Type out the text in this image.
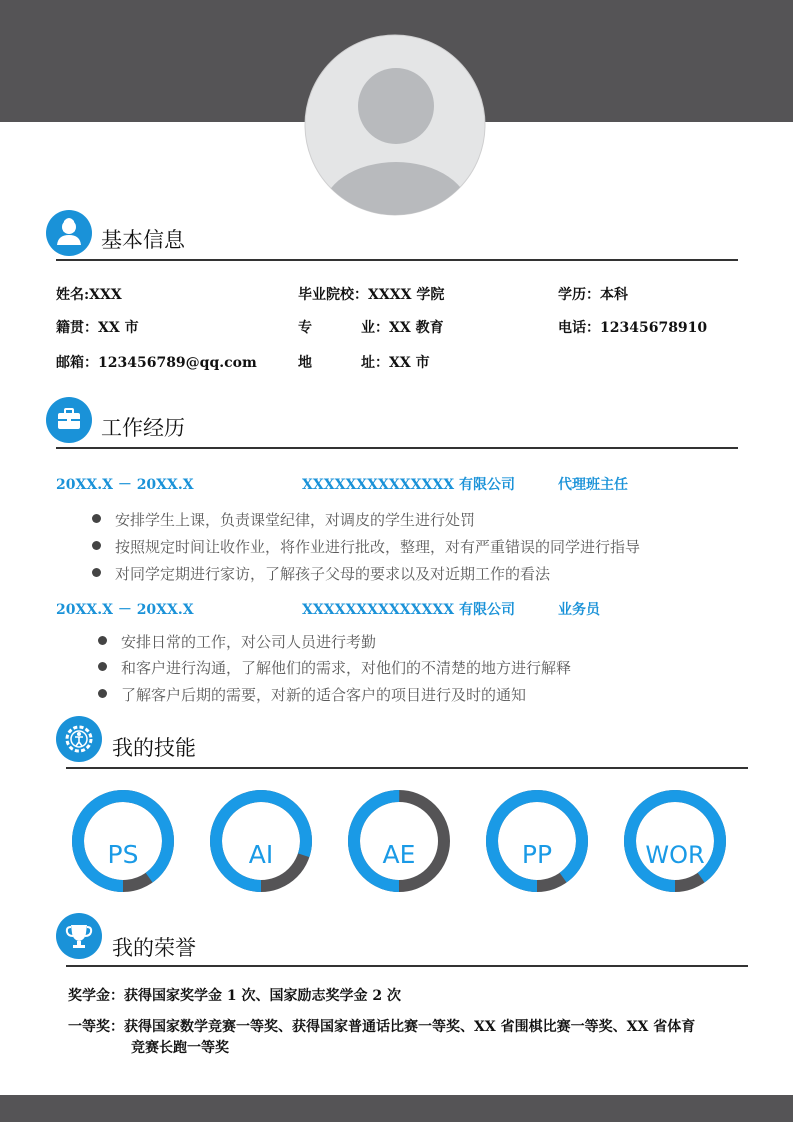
基本信息
姓名:XXX	毕业院校：XXXX 学院	学历：本科
籍贯：XX 市	专	业：XX 教育	电话：12345678910
邮箱：123456789@qq.com	地	址：XX 市
工作经历
20XX.X － 20XX.X	XXXXXXXXXXXXXX 有限公司	代理班主任
安排学生上课，负责课堂纪律，对调皮的学生进行处罚
按照规定时间让收作业，将作业进行批改，整理，对有严重错误的同学进行指导
对同学定期进行家访，了解孩子父母的要求以及对近期工作的看法
20XX.X － 20XX.X	XXXXXXXXXXXXXX 有限公司	业务员
安排日常的工作，对公司人员进行考勤
和客户进行沟通，了解他们的需求，对他们的不清楚的地方进行解释
了解客户后期的需要，对新的适合客户的项目进行及时的通知
我的技能
PS	AI	AE	PP	WOR
我的荣誉
奖学金：获得国家奖学金 1 次、国家励志奖学金 2 次
一等奖：获得国家数学竞赛一等奖、获得国家普通话比赛一等奖、XX 省围棋比赛一等奖、XX 省体育
竞赛长跑一等奖
